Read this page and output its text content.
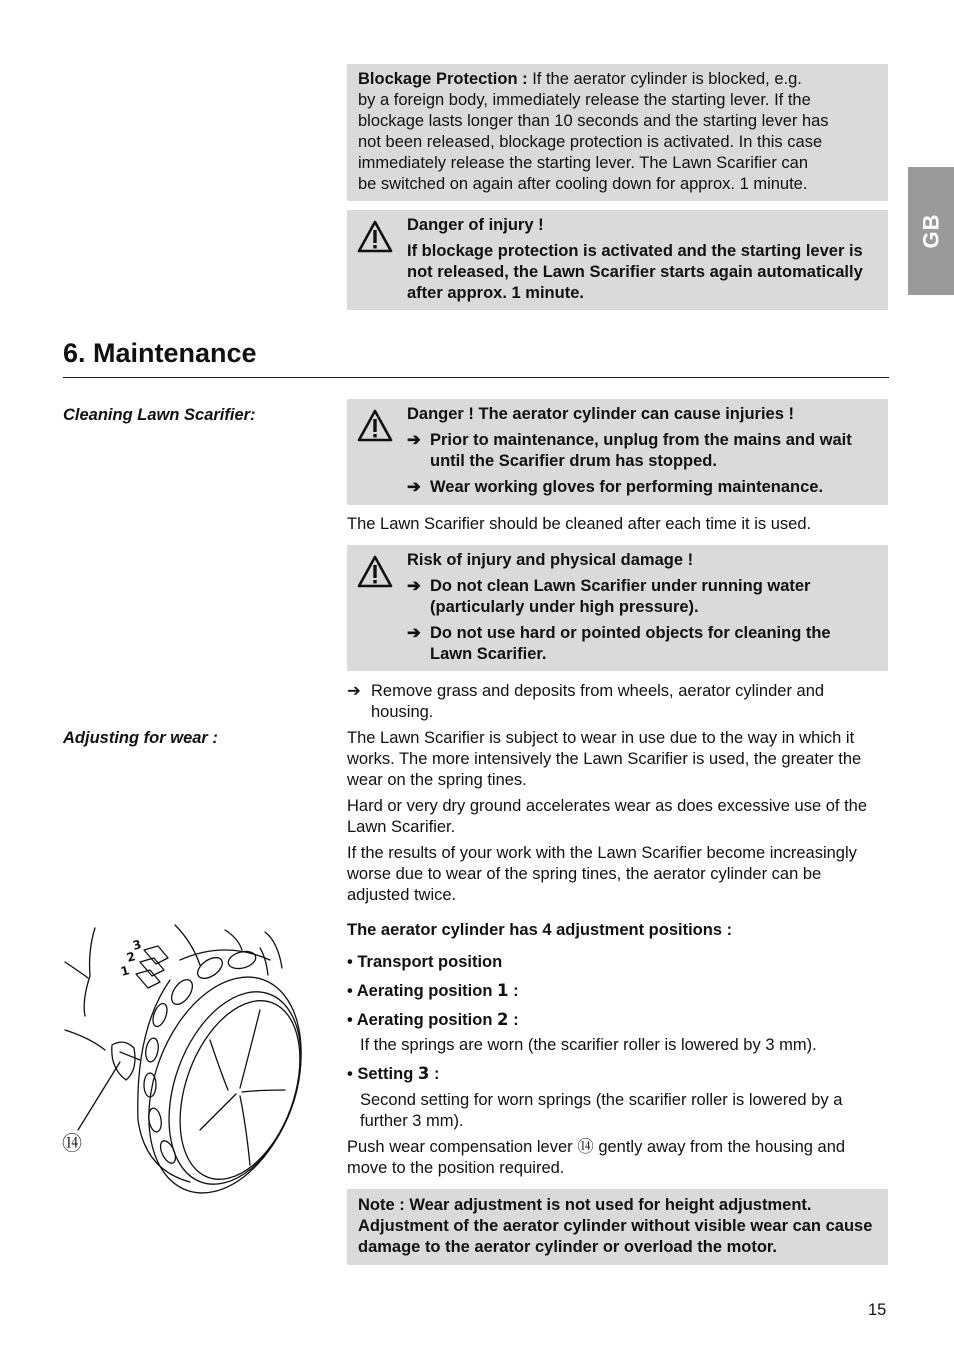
GB

Blockage Protection : If the aerator cylinder is blocked, e.g.

by a foreign body, immediately release the starting lever. If the

blockage lasts longer than 10 seconds and the starting lever has

not been released, blockage protection is activated. In this case

immediately release the starting lever. The Lawn Scarifier can

be switched on again after cooling down for approx. 1 minute.

Danger of injury !

If blockage protection is activated and the starting lever is not released, the Lawn Scarifier starts again automatically after approx. 1 minute.

6. Maintenance
Cleaning Lawn Scarifier:	Danger ! The aerator cylinder can cause injuries !

➔ Prior to maintenance, unplug from the mains and wait until the Scarifier drum has stopped.
➔ Wear working gloves for performing maintenance.
The Lawn Scarifier should be cleaned after each time it is used.

Risk of injury and physical damage !

➔ Do not clean Lawn Scarifier under running water (particularly under high pressure).
➔ Do not use hard or pointed objects for cleaning the Lawn Scarifier.
➔ Remove grass and deposits from wheels, aerator cylinder and housing.
Adjusting for wear :	The Lawn Scarifier is subject to wear in use due to the way in which it works. The more intensively the Lawn Scarifier is used, the greater the wear on the spring tines.

Hard or very dry ground accelerates wear as does excessive use of the Lawn Scarifier.

If the results of your work with the Lawn Scarifier become increasingly worse due to wear of the spring tines, the aerator cylinder can be adjusted twice.

The aerator cylinder has 4 adjustment positions :
• Transport position
• Aerating position 1 :
• Aerating position 2 :
If the springs are worn (the scarifier roller is lowered by 3 mm).
• Setting 3 :
Second setting for worn springs (the scarifier roller is lowered by a further 3 mm).
Push wear compensation lever ⑭ gently away from the housing and move to the position required.
Note : Wear adjustment is not used for height adjustment. Adjustment of the aerator cylinder without visible wear can cause damage to the aerator cylinder or overload the motor.
3
2
1
⑭
15
